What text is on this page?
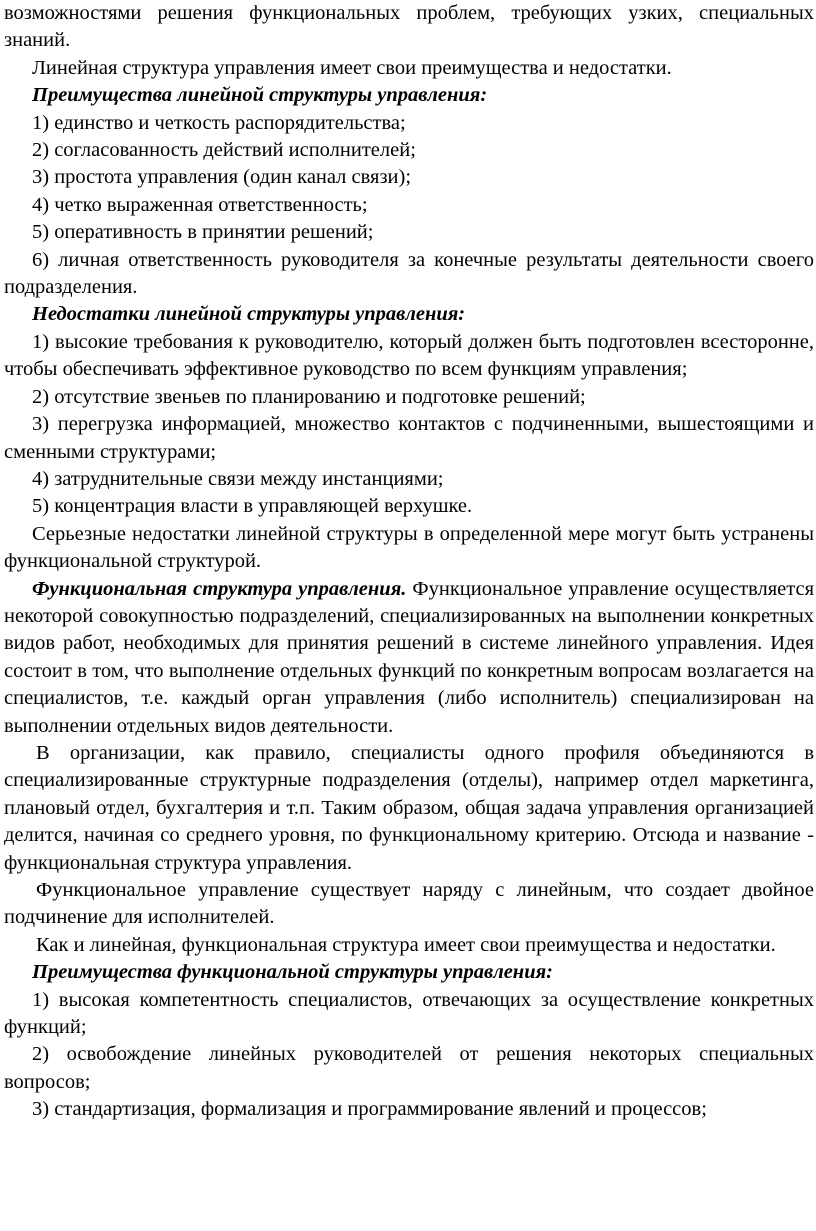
возможностями решения функциональных проблем, требующих узких, специальных знаний.

Линейная структура управления имеет свои преимущества и недостатки.

Преимущества линейной структуры управления:

1) единство и четкость распорядительства;

2) согласованность действий исполнителей;

3) простота управления (один канал связи);

4) четко выраженная ответственность;

5) оперативность в принятии решений;

6) личная ответственность руководителя за конечные результаты деятельности своего подразделения.

Недостатки линейной структуры управления:

1) высокие требования к руководителю, который должен быть подготовлен всесторонне, чтобы обеспечивать эффективное руководство по всем функциям управления;

2) отсутствие звеньев по планированию и подготовке решений;

3) перегрузка информацией, множество контактов с подчиненными, вышестоящими и сменными структурами;

4) затруднительные связи между инстанциями;

5) концентрация власти в управляющей верхушке.

Серьезные недостатки линейной структуры в определенной мере могут быть устранены функциональной структурой.

Функциональная структура управления. Функциональное управление осуществляется некоторой совокупностью подразделений, специализированных на выполнении конкретных видов работ, необходимых для принятия решений в системе линейного управления. Идея состоит в том, что выполнение отдельных функций по конкретным вопросам возлагается на специалистов, т.е. каждый орган управления (либо исполнитель) специализирован на выполнении отдельных видов деятельности.

В организации, как правило, специалисты одного профиля объединяются в специализированные структурные подразделения (отделы), например отдел маркетинга, плановый отдел, бухгалтерия и т.п. Таким образом, общая задача управления организацией делится, начиная со среднего уровня, по функциональному критерию. Отсюда и название - функциональная структура управления.

Функциональное управление существует наряду с линейным, что создает двойное подчинение для исполнителей.

Как и линейная, функциональная структура имеет свои преимущества и недостатки.

Преимущества функциональной структуры управления:

1) высокая компетентность специалистов, отвечающих за осуществление конкретных функций;

2) освобождение линейных руководителей от решения некоторых специальных вопросов;

3) стандартизация, формализация и программирование явлений и процессов;
